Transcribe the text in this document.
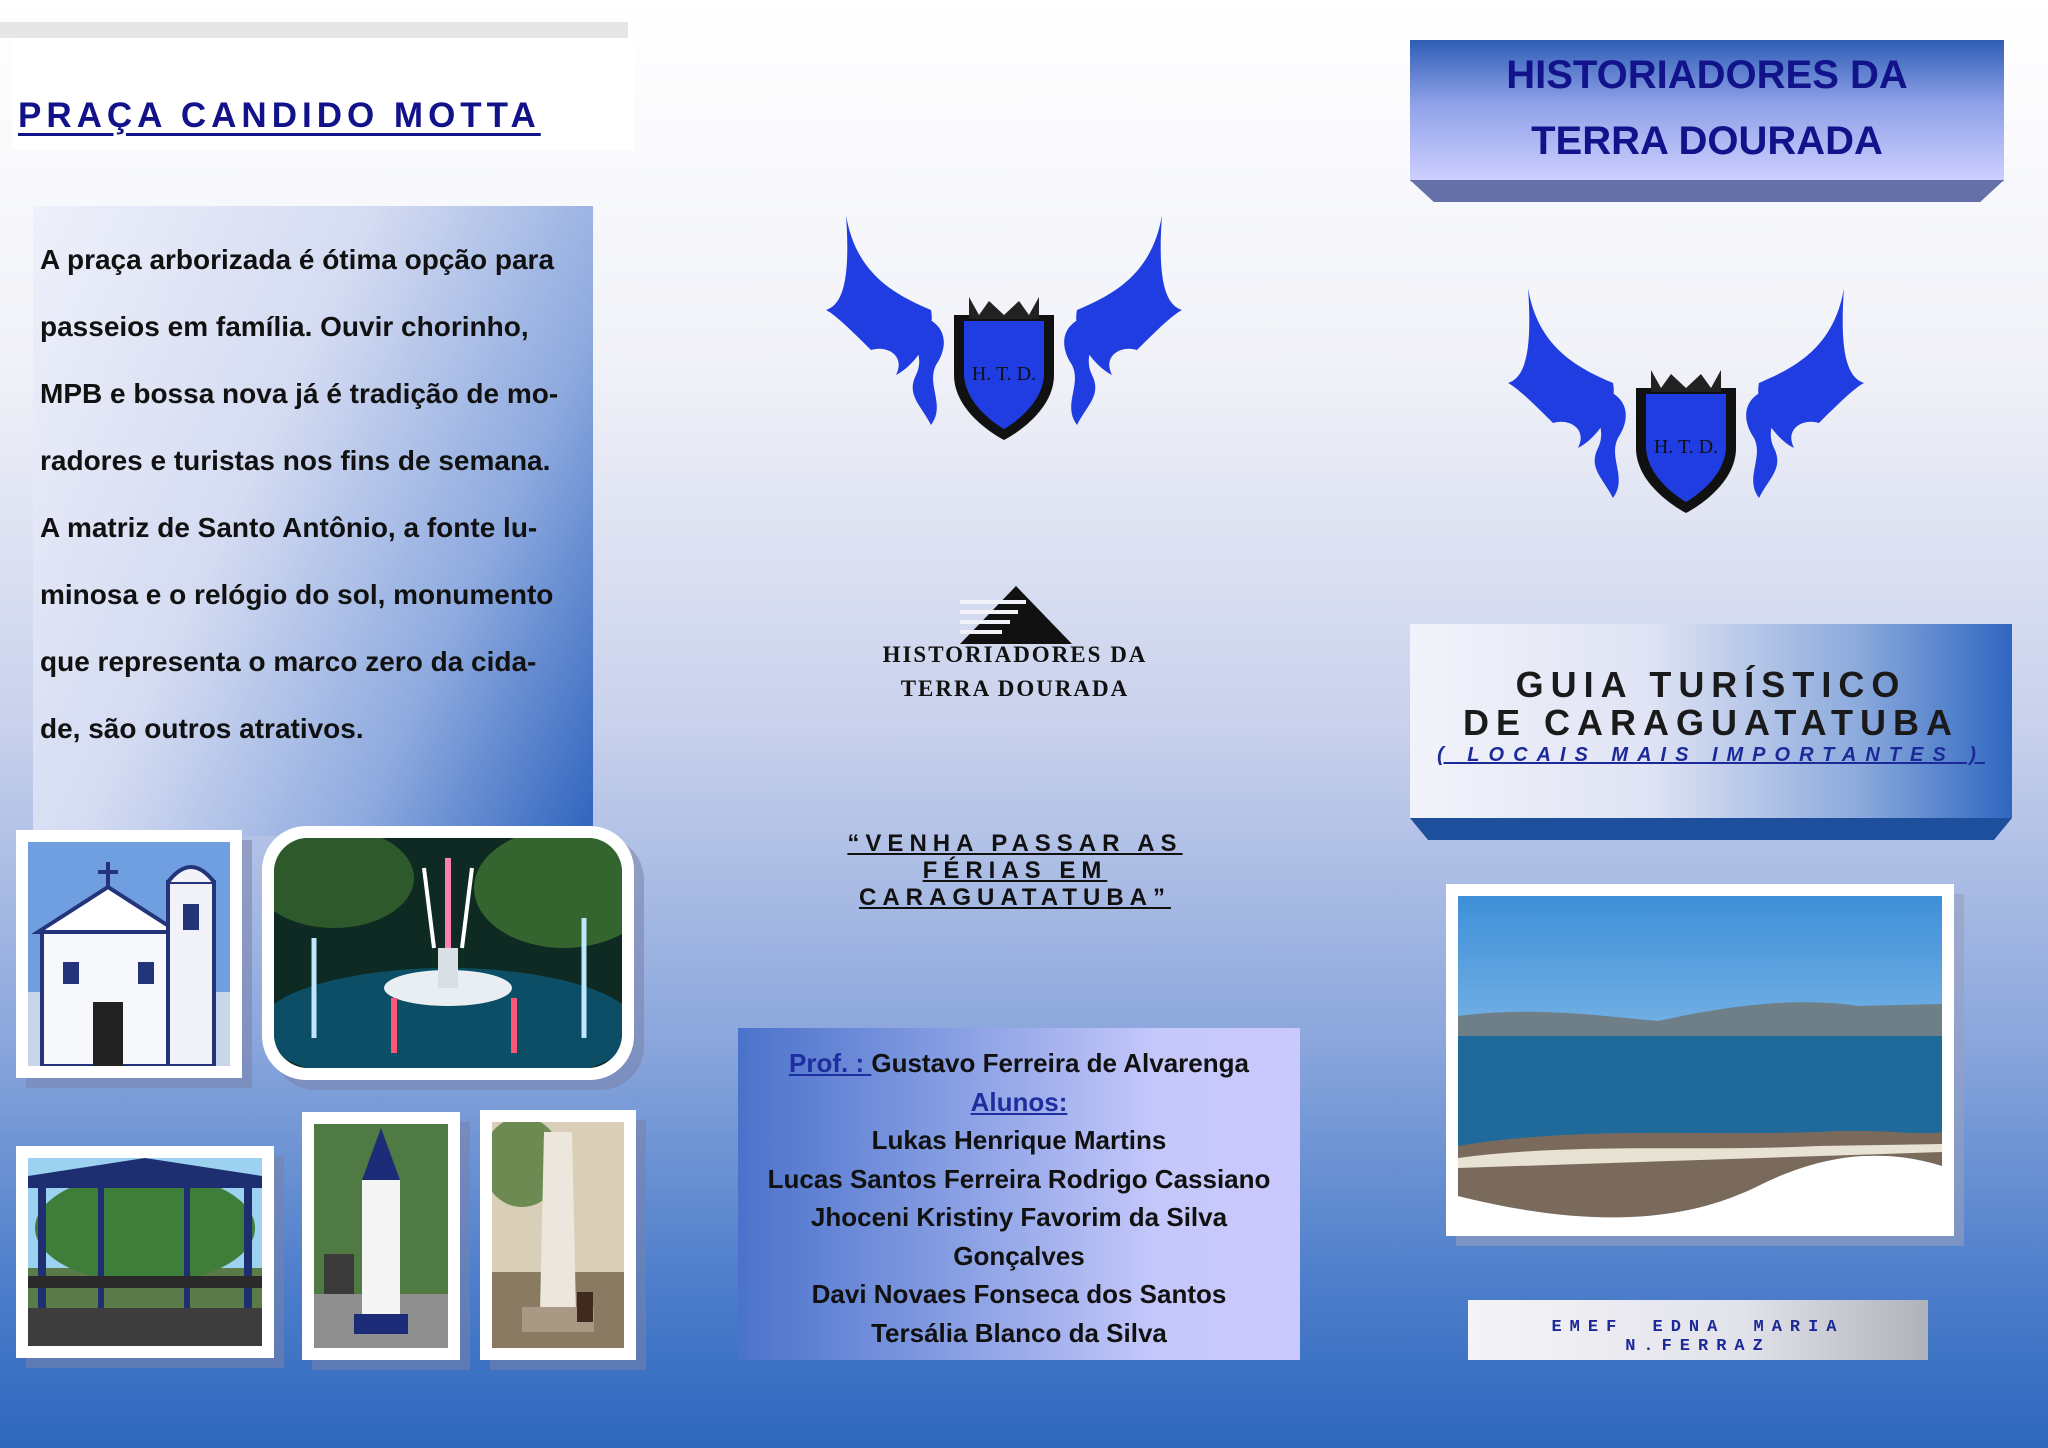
PRAÇA CANDIDO MOTTA

A praça arborizada é ótima opção para
passeios em família. Ouvir chorinho,
MPB e bossa nova já é tradição de mo-
radores e turistas nos fins de semana.
A matriz de Santo Antônio, a fonte lu-
minosa e o relógio do sol, monumento
que representa o marco zero da cida-
de, são outros atrativos.

H. T. D.

HISTORIADORES DA
TERRA DOURADA

“VENHA PASSAR AS
FÉRIAS EM
CARAGUATATUBA”

Prof. : Gustavo Ferreira de Alvarenga
Alunos:
Lukas Henrique Martins
Lucas Santos Ferreira Rodrigo Cassiano
Jhoceni Kristiny Favorim da Silva
Gonçalves
Davi Novaes Fonseca dos Santos
Tersália Blanco da Silva

HISTORIADORES DA
TERRA DOURADA

H. T. D.

GUIA TURÍSTICO
DE CARAGUATATUBA

( LOCAIS MAIS IMPORTANTES )

EMEF EDNA MARIA N.FERRAZ
